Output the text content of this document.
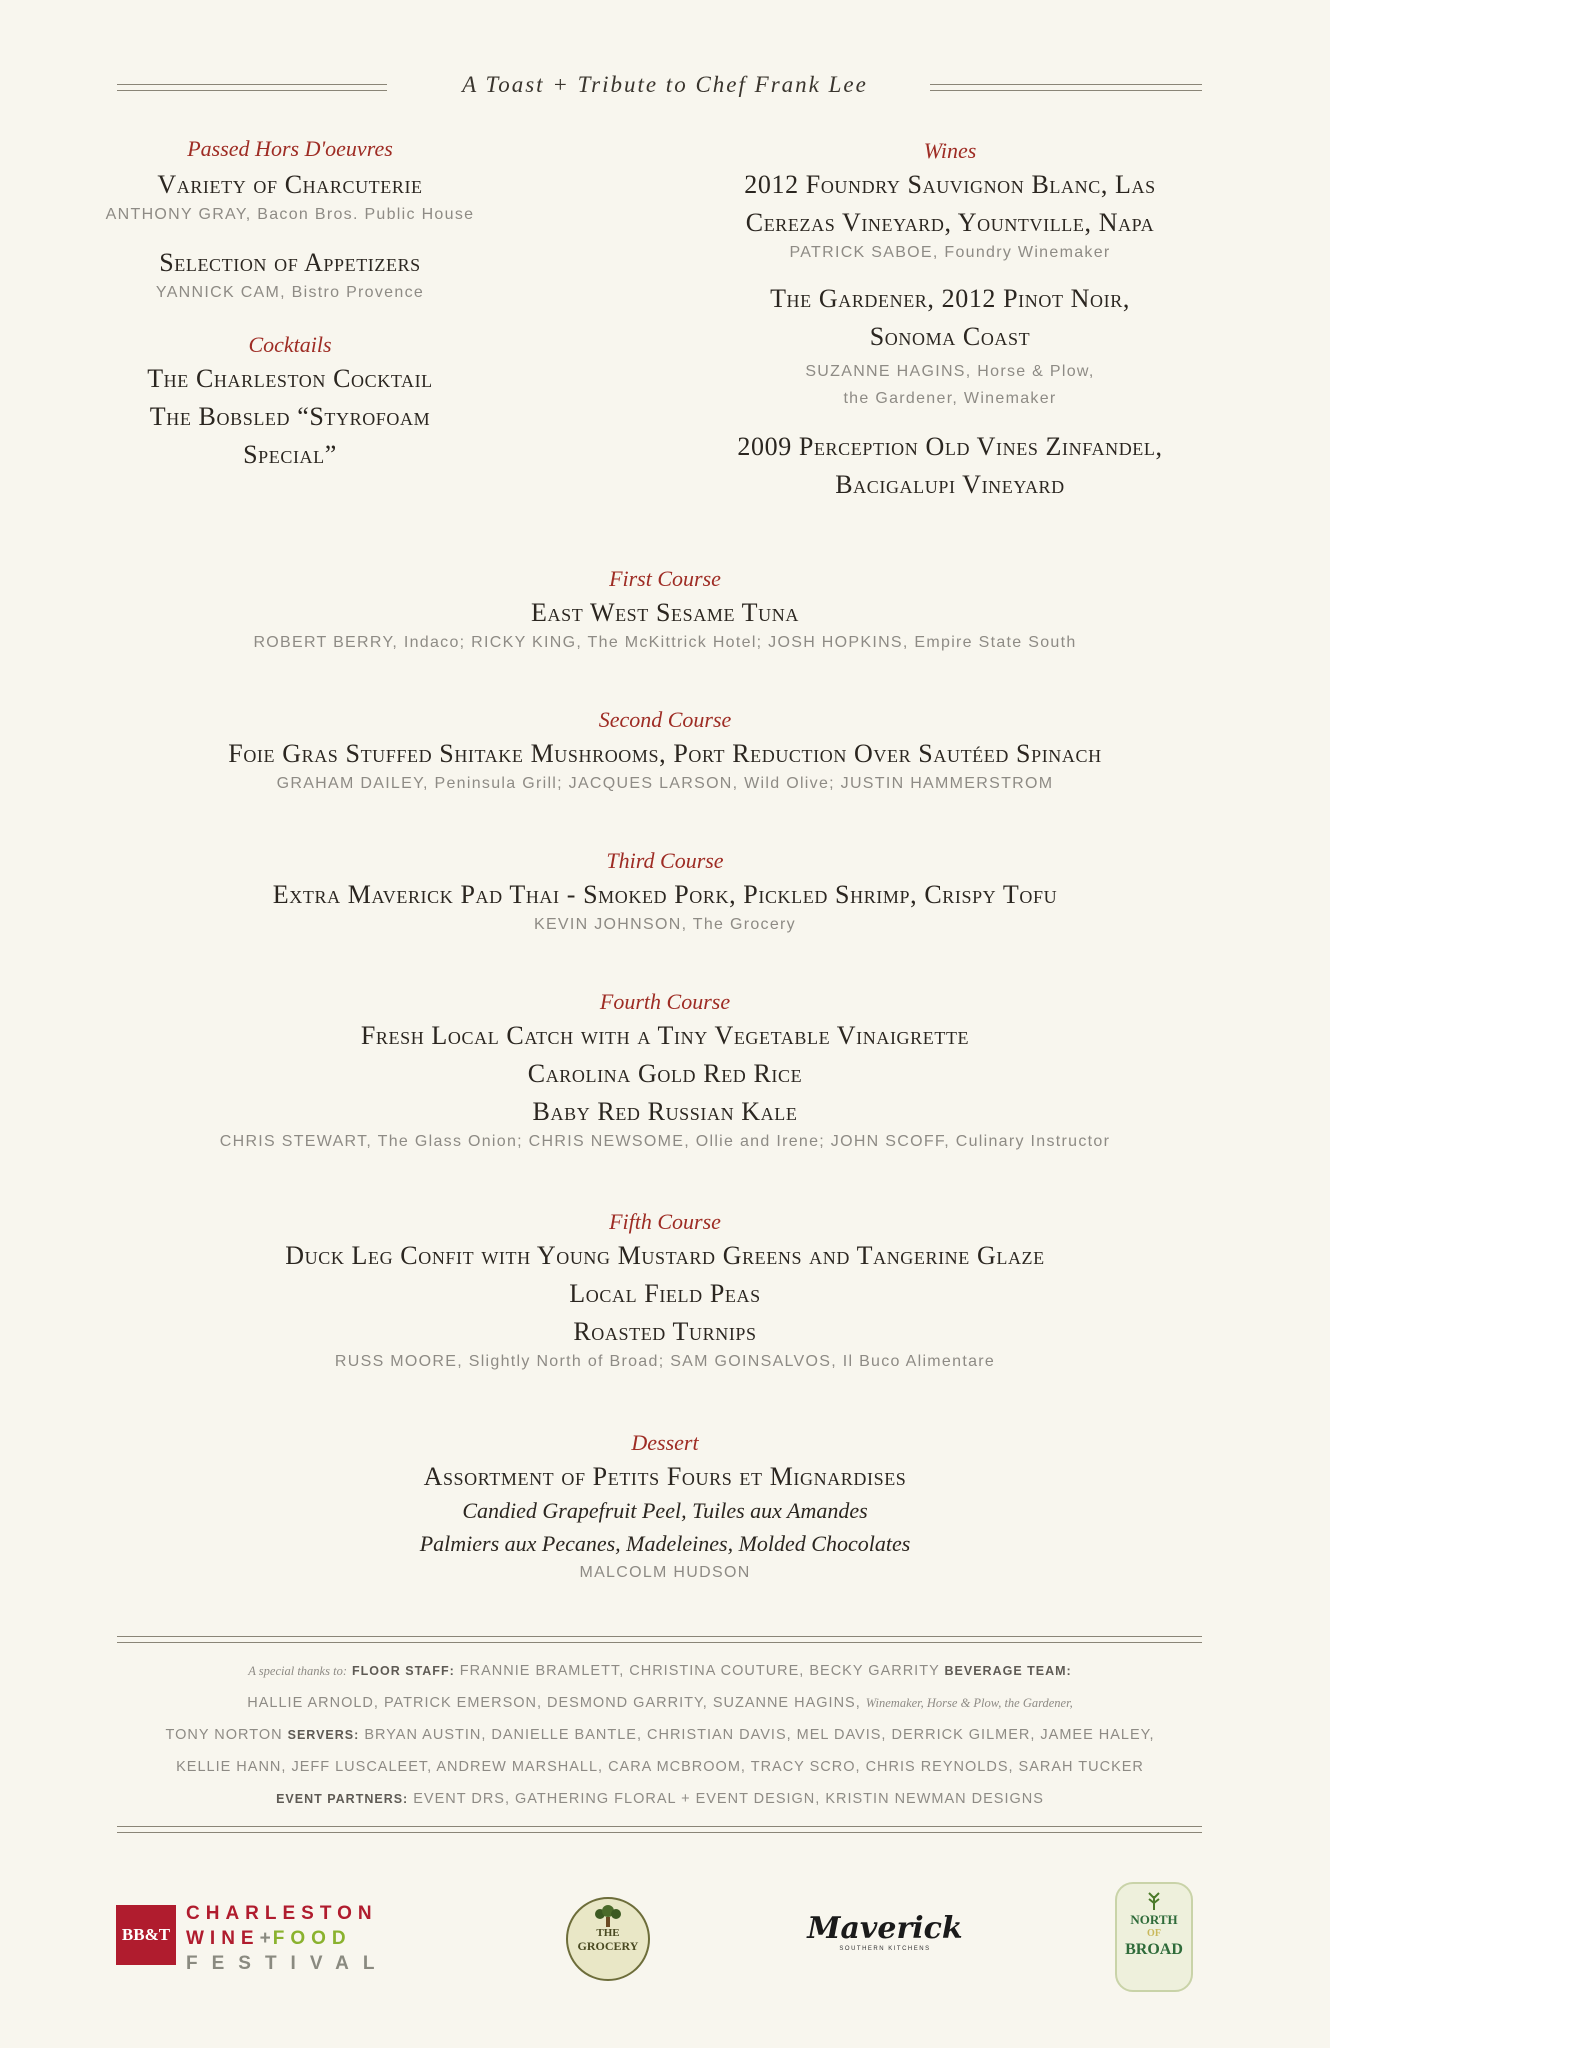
A Toast + Tribute to Chef Frank Lee
Passed Hors D'oeuvres
Variety of Charcuterie
ANTHONY GRAY, Bacon Bros. Public House
Selection of Appetizers
YANNICK CAM, Bistro Provence
Cocktails
The Charleston Cocktail
The Bobsled “Styrofoam Special”
Wines
2012 Foundry Sauvignon Blanc, Las
Cerezas Vineyard, Yountville, Napa
PATRICK SABOE, Foundry Winemaker
The Gardener, 2012 Pinot Noir,
Sonoma Coast
SUZANNE HAGINS, Horse & Plow,
the Gardener, Winemaker
2009 Perception Old Vines Zinfandel,
Bacigalupi Vineyard
First Course
East West Sesame Tuna
ROBERT BERRY, Indaco; RICKY KING, The McKittrick Hotel; JOSH HOPKINS, Empire State South
Second Course
Foie Gras Stuffed Shitake Mushrooms, Port Reduction Over Sautéed Spinach
GRAHAM DAILEY, Peninsula Grill; JACQUES LARSON, Wild Olive; JUSTIN HAMMERSTROM
Third Course
Extra Maverick Pad Thai - Smoked Pork, Pickled Shrimp, Crispy Tofu
KEVIN JOHNSON, The Grocery
Fourth Course
Fresh Local Catch with a Tiny Vegetable Vinaigrette
Carolina Gold Red Rice
Baby Red Russian Kale
CHRIS STEWART, The Glass Onion; CHRIS NEWSOME, Ollie and Irene; JOHN SCOFF, Culinary Instructor
Fifth Course
Duck Leg Confit with Young Mustard Greens and Tangerine Glaze
Local Field Peas
Roasted Turnips
RUSS MOORE, Slightly North of Broad; SAM GOINSALVOS, Il Buco Alimentare
Dessert
Assortment of Petits Fours et Mignardises
Candied Grapefruit Peel, Tuiles aux Amandes
Palmiers aux Pecanes, Madeleines, Molded Chocolates
MALCOLM HUDSON
A special thanks to: FLOOR STAFF: FRANNIE BRAMLETT, CHRISTINA COUTURE, BECKY GARRITY BEVERAGE TEAM:
HALLIE ARNOLD, PATRICK EMERSON, DESMOND GARRITY, SUZANNE HAGINS, Winemaker, Horse & Plow, the Gardener,
TONY NORTON SERVERS: BRYAN AUSTIN, DANIELLE BANTLE, CHRISTIAN DAVIS, MEL DAVIS, DERRICK GILMER, JAMEE HALEY,
KELLIE HANN, JEFF LUSCALEET, ANDREW MARSHALL, CARA MCBROOM, TRACY SCRO, CHRIS REYNOLDS, SARAH TUCKER
EVENT PARTNERS: EVENT DRS, GATHERING FLORAL + EVENT DESIGN, KRISTIN NEWMAN DESIGNS
BB&T
CHARLESTON
WINE+FOOD
FESTIVAL
THE
GROCERY	Maverick
SOUTHERN KITCHENS
NORTH
OF
BROAD
